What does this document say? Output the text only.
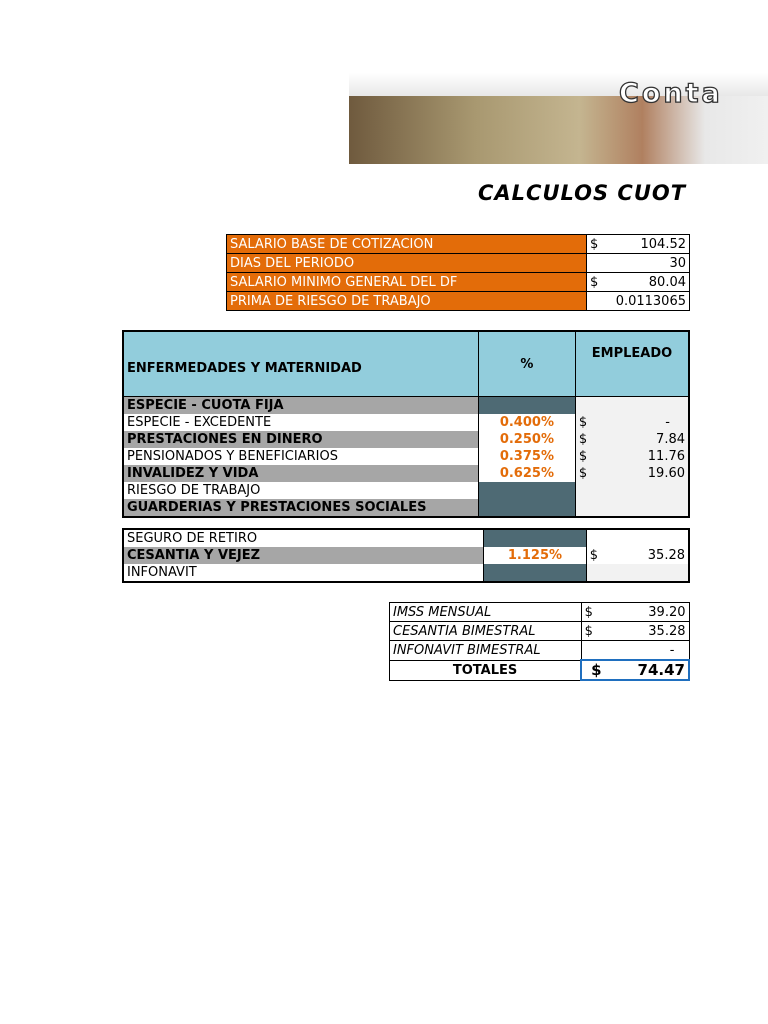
Conta
CALCULOS CUOT
SALARIO BASE DE COTIZACION	$ 104.52
DIAS DEL PERIODO	30
SALARIO MINIMO GENERAL DEL DF	$ 80.04
PRIMA DE RIESGO DE TRABAJO	0.0113065
ENFERMEDADES Y MATERNIDAD	%	EMPLEADO
ESPECIE - CUOTA FIJA		

ESPECIE - EXCEDENTE	0.400%	$ -
PRESTACIONES EN DINERO	0.250%	$ 7.84
PENSIONADOS Y BENEFICIARIOS	0.375%	$ 11.76
INVALIDEZ Y VIDA	0.625%	$ 19.60
RIESGO DE TRABAJO		

GUARDERIAS Y PRESTACIONES SOCIALES		
SEGURO DE RETIRO		

CESANTIA Y VEJEZ	1.125%	$ 35.28
INFONAVIT		
IMSS MENSUAL	$ 39.20
CESANTIA BIMESTRAL	$ 35.28
INFONAVIT BIMESTRAL	-
TOTALES	$ 74.47
